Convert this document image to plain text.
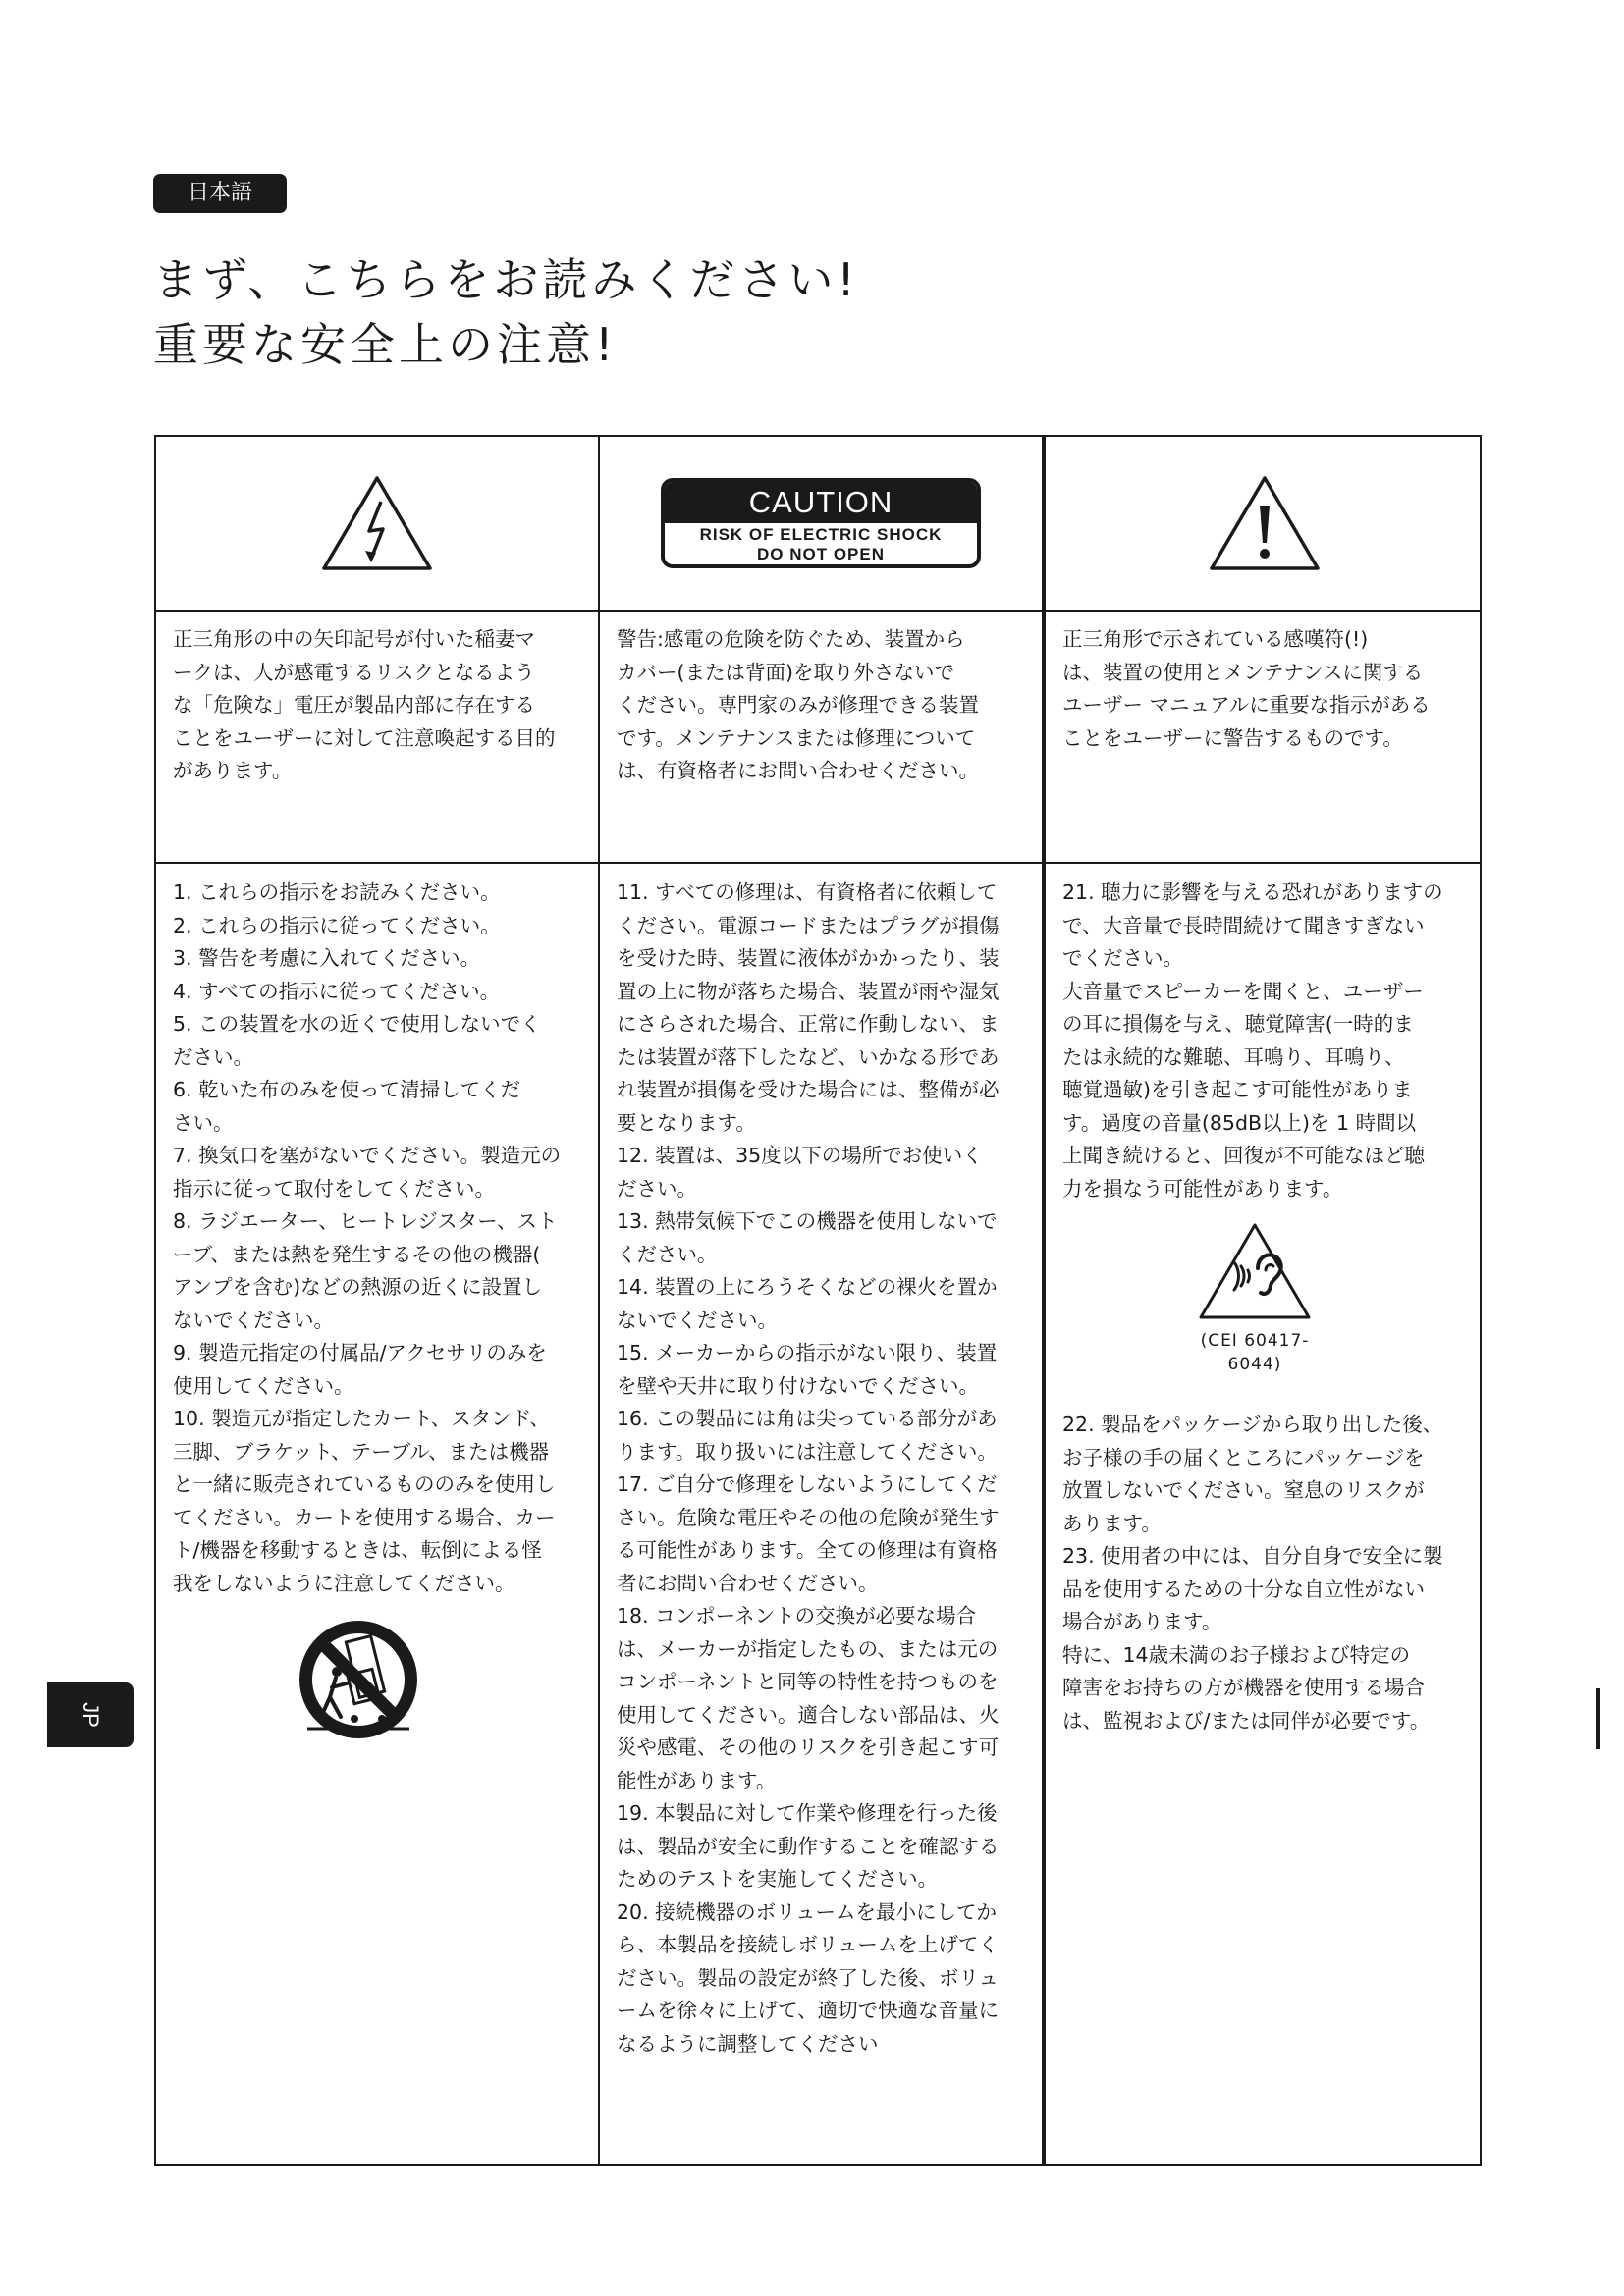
日本語
まず、こちらをお読みください!
重要な安全上の注意!
CAUTION
RISK OF ELECTRIC SHOCK
DO NOT OPEN
正三角形の中の矢印記号が付いた稲妻マ
ークは、人が感電するリスクとなるよう
な「危険な」電圧が製品内部に存在する
ことをユーザーに対して注意喚起する目的
があります。
警告:感電の危険を防ぐため、装置から
カバー(または背面)を取り外さないで
ください。専門家のみが修理できる装置
です。メンテナンスまたは修理について
は、有資格者にお問い合わせください。
正三角形で示されている感嘆符(!)
は、装置の使用とメンテナンスに関する
ユーザー マニュアルに重要な指示がある
ことをユーザーに警告するものです。
1. これらの指示をお読みください。
2. これらの指示に従ってください。
3. 警告を考慮に入れてください。
4. すべての指示に従ってください。
5. この装置を水の近くで使用しないでく
ださい。
6. 乾いた布のみを使って清掃してくだ
さい。
7. 換気口を塞がないでください。製造元の
指示に従って取付をしてください。
8. ラジエーター、ヒートレジスター、スト
ーブ、または熱を発生するその他の機器(
アンプを含む)などの熱源の近くに設置し
ないでください。
9. 製造元指定の付属品/アクセサリのみを
使用してください。
10. 製造元が指定したカート、スタンド、
三脚、ブラケット、テーブル、または機器
と一緒に販売されているもののみを使用し
てください。カートを使用する場合、カー
ト/機器を移動するときは、転倒による怪
我をしないように注意してください。
11. すべての修理は、有資格者に依頼して
ください。電源コードまたはプラグが損傷
を受けた時、装置に液体がかかったり、装
置の上に物が落ちた場合、装置が雨や湿気
にさらされた場合、正常に作動しない、ま
たは装置が落下したなど、いかなる形であ
れ装置が損傷を受けた場合には、整備が必
要となります。
12. 装置は、35度以下の場所でお使いく
ださい。
13. 熱帯気候下でこの機器を使用しないで
ください。
14. 装置の上にろうそくなどの裸火を置か
ないでください。
15. メーカーからの指示がない限り、装置
を壁や天井に取り付けないでください。
16. この製品には角は尖っている部分があ
ります。取り扱いには注意してください。
17. ご自分で修理をしないようにしてくだ
さい。危険な電圧やその他の危険が発生す
る可能性があります。全ての修理は有資格
者にお問い合わせください。
18. コンポーネントの交換が必要な場合
は、メーカーが指定したもの、または元の
コンポーネントと同等の特性を持つものを
使用してください。適合しない部品は、火
災や感電、その他のリスクを引き起こす可
能性があります。
19. 本製品に対して作業や修理を行った後
は、製品が安全に動作することを確認する
ためのテストを実施してください。
20. 接続機器のボリュームを最小にしてか
ら、本製品を接続しボリュームを上げてく
ださい。製品の設定が終了した後、ボリュ
ームを徐々に上げて、適切で快適な音量に
なるように調整してください
21. 聴力に影響を与える恐れがありますの
で、大音量で長時間続けて聞きすぎない
でください。
大音量でスピーカーを聞くと、ユーザー
の耳に損傷を与え、聴覚障害(一時的ま
たは永続的な難聴、耳鳴り、耳鳴り、
聴覚過敏)を引き起こす可能性がありま
す。過度の音量(85dB以上)を 1 時間以
上聞き続けると、回復が不可能なほど聴
力を損なう可能性があります。
(CEI 60417-6044)
22. 製品をパッケージから取り出した後、
お子様の手の届くところにパッケージを
放置しないでください。窒息のリスクが
あります。
23. 使用者の中には、自分自身で安全に製
品を使用するための十分な自立性がない
場合があります。
特に、14歳未満のお子様および特定の
障害をお持ちの方が機器を使用する場合
は、監視および/または同伴が必要です。
JP
